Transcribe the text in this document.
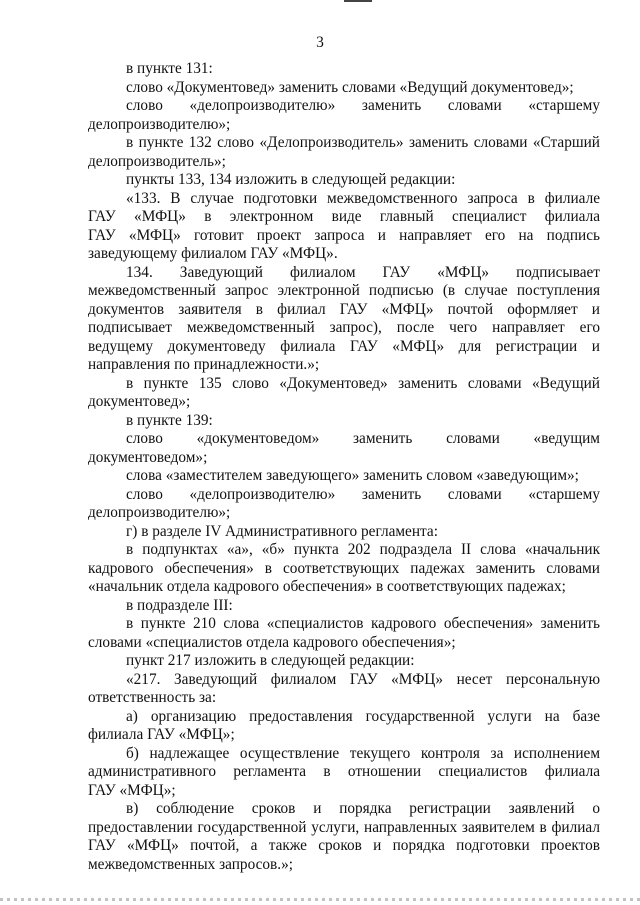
3
в пункте 131:
слово «Документовед» заменить словами «Ведущий документовед»;
слово «делопроизводителю» заменить словами «старшему
делопроизводителю»;
в пункте 132 слово «Делопроизводитель» заменить словами «Старший
делопроизводитель»;
пункты 133, 134 изложить в следующей редакции:
«133. В случае подготовки межведомственного запроса в филиале
ГАУ «МФЦ» в электронном виде главный специалист филиала
ГАУ «МФЦ» готовит проект запроса и направляет его на подпись
заведующему филиалом ГАУ «МФЦ».
134. Заведующий филиалом ГАУ «МФЦ» подписывает
межведомственный запрос электронной подписью (в случае поступления
документов заявителя в филиал ГАУ «МФЦ» почтой оформляет и
подписывает межведомственный запрос), после чего направляет его
ведущему документоведу филиала ГАУ «МФЦ» для регистрации и
направления по принадлежности.»;
в пункте 135 слово «Документовед» заменить словами «Ведущий
документовед»;
в пункте 139:
слово «документоведом» заменить словами «ведущим
документоведом»;
слова «заместителем заведующего» заменить словом «заведующим»;
слово «делопроизводителю» заменить словами «старшему
делопроизводителю»;
г) в разделе IV Административного регламента:
в подпунктах «а», «б» пункта 202 подраздела II слова «начальник
кадрового обеспечения» в соответствующих падежах заменить словами
«начальник отдела кадрового обеспечения» в соответствующих падежах;
в подразделе III:
в пункте 210 слова «специалистов кадрового обеспечения» заменить
словами «специалистов отдела кадрового обеспечения»;
пункт 217 изложить в следующей редакции:
«217. Заведующий филиалом ГАУ «МФЦ» несет персональную
ответственность за:
а) организацию предоставления государственной услуги на базе
филиала ГАУ «МФЦ»;
б) надлежащее осуществление текущего контроля за исполнением
административного регламента в отношении специалистов филиала
ГАУ «МФЦ»;
в) соблюдение сроков и порядка регистрации заявлений о
предоставлении государственной услуги, направленных заявителем в филиал
ГАУ «МФЦ» почтой, а также сроков и порядка подготовки проектов
межведомственных запросов.»;
